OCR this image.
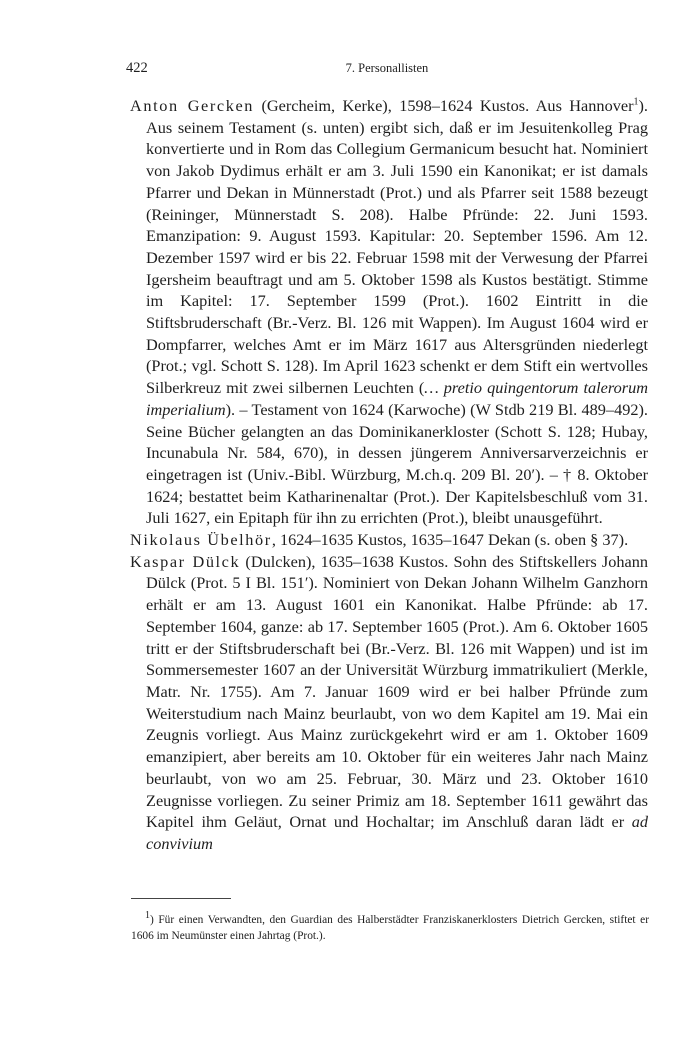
422	7. Personallisten

Anton Gercken (Gercheim, Kerke), 1598–1624 Kustos. Aus Hannover$^1$). Aus seinem Testament (s. unten) ergibt sich, daß er im Jesuitenkolleg Prag konvertierte und in Rom das Collegium Germanicum besucht hat. Nominiert von Jakob Dydimus erhält er am 3. Juli 1590 ein Kanonikat; er ist damals Pfarrer und Dekan in Münnerstadt (Prot.) und als Pfarrer seit 1588 bezeugt (Reininger, Münnerstadt S. 208). Halbe Pfründe: 22. Juni 1593. Emanzipation: 9. August 1593. Kapitular: 20. September 1596. Am 12. Dezember 1597 wird er bis 22. Februar 1598 mit der Verwesung der Pfarrei Igersheim beauftragt und am 5. Oktober 1598 als Kustos bestätigt. Stimme im Kapitel: 17. September 1599 (Prot.). 1602 Eintritt in die Stiftsbruderschaft (Br.-Verz. Bl. 126 mit Wappen). Im August 1604 wird er Dompfarrer, welches Amt er im März 1617 aus Altersgründen niederlegt (Prot.; vgl. Schott S. 128). Im April 1623 schenkt er dem Stift ein wertvolles Silberkreuz mit zwei silbernen Leuchten (… pretio quingentorum talerorum imperialium). – Testament von 1624 (Karwoche) (W Stdb 219 Bl. 489–492). Seine Bücher gelangten an das Dominikanerkloster (Schott S. 128; Hubay, Incunabula Nr. 584, 670), in dessen jüngerem Anniversarverzeichnis er eingetragen ist (Univ.-Bibl. Würzburg, M.ch.q. 209 Bl. 20′). – † 8. Oktober 1624; bestattet beim Katharinenaltar (Prot.). Der Kapitelsbeschluß vom 31. Juli 1627, ein Epitaph für ihn zu errichten (Prot.), bleibt unausgeführt.

Nikolaus Übelhör, 1624–1635 Kustos, 1635–1647 Dekan (s. oben § 37).

Kaspar Dülck (Dulcken), 1635–1638 Kustos. Sohn des Stiftskellers Johann Dülck (Prot. 5 I Bl. 151′). Nominiert von Dekan Johann Wilhelm Ganzhorn erhält er am 13. August 1601 ein Kanonikat. Halbe Pfründe: ab 17. September 1604, ganze: ab 17. September 1605 (Prot.). Am 6. Oktober 1605 tritt er der Stiftsbruderschaft bei (Br.-Verz. Bl. 126 mit Wappen) und ist im Sommersemester 1607 an der Universität Würzburg immatrikuliert (Merkle, Matr. Nr. 1755). Am 7. Januar 1609 wird er bei halber Pfründe zum Weiterstudium nach Mainz beurlaubt, von wo dem Kapitel am 19. Mai ein Zeugnis vorliegt. Aus Mainz zurückgekehrt wird er am 1. Oktober 1609 emanzipiert, aber bereits am 10. Oktober für ein weiteres Jahr nach Mainz beurlaubt, von wo am 25. Februar, 30. März und 23. Oktober 1610 Zeugnisse vorliegen. Zu seiner Primiz am 18. September 1611 gewährt das Kapitel ihm Geläut, Ornat und Hochaltar; im Anschluß daran lädt er ad convivium

$^1$) Für einen Verwandten, den Guardian des Halberstädter Franziskanerklosters Dietrich Gercken, stiftet er 1606 im Neumünster einen Jahrtag (Prot.).
